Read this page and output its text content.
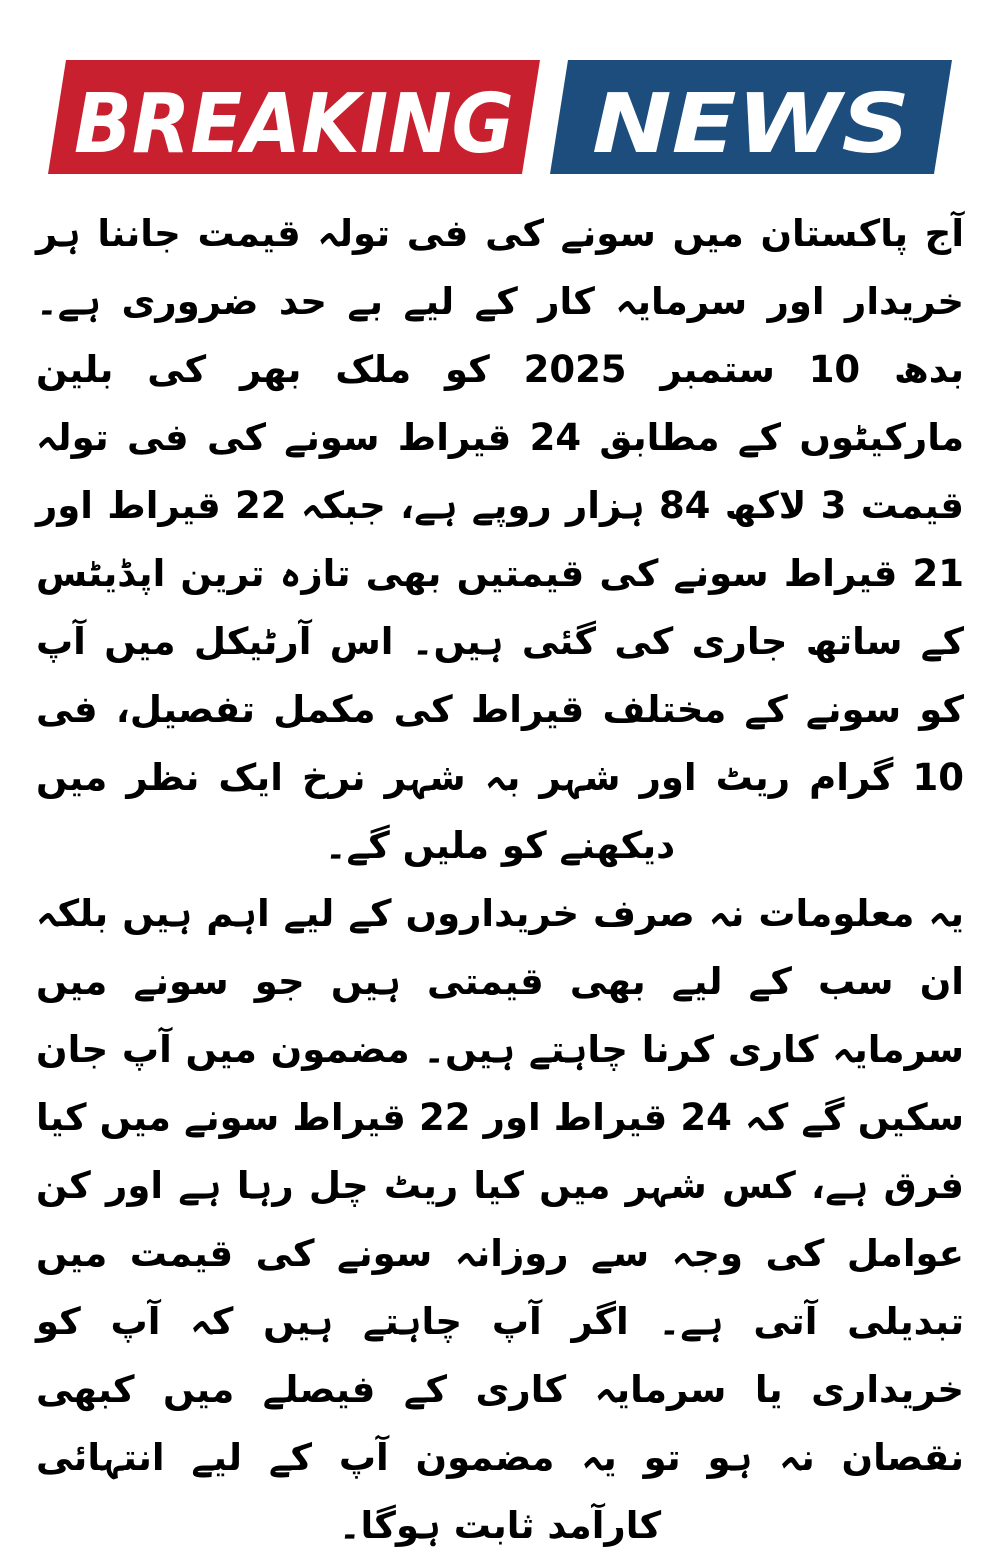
BREAKING NEWS

آج پاکستان میں سونے کی فی تولہ قیمت جاننا ہر خریدار اور سرمایہ کار کے لیے بے حد ضروری ہے۔ بدھ 10 ستمبر 2025 کو ملک بھر کی بلین مارکیٹوں کے مطابق 24 قیراط سونے کی فی تولہ قیمت 3 لاکھ 84 ہزار روپے ہے، جبکہ 22 قیراط اور 21 قیراط سونے کی قیمتیں بھی تازہ ترین اپڈیٹس کے ساتھ جاری کی گئی ہیں۔ اس آرٹیکل میں آپ کو سونے کے مختلف قیراط کی مکمل تفصیل، فی 10 گرام ریٹ اور شہر بہ شہر نرخ ایک نظر میں دیکھنے کو ملیں گے۔

یہ معلومات نہ صرف خریداروں کے لیے اہم ہیں بلکہ ان سب کے لیے بھی قیمتی ہیں جو سونے میں سرمایہ کاری کرنا چاہتے ہیں۔ مضمون میں آپ جان سکیں گے کہ 24 قیراط اور 22 قیراط سونے میں کیا فرق ہے، کس شہر میں کیا ریٹ چل رہا ہے اور کن عوامل کی وجہ سے روزانہ سونے کی قیمت میں تبدیلی آتی ہے۔ اگر آپ چاہتے ہیں کہ آپ کو خریداری یا سرمایہ کاری کے فیصلے میں کبھی نقصان نہ ہو تو یہ مضمون آپ کے لیے انتہائی کارآمد ثابت ہوگا۔
